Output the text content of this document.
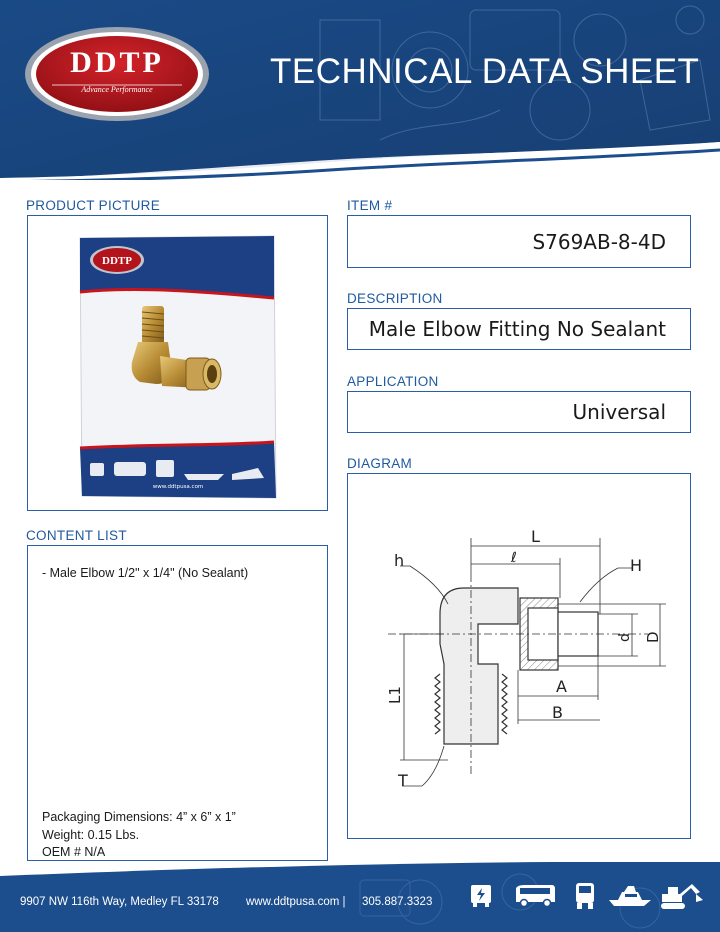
DDTP
Advance Performance	TECHNICAL DATA SHEET
PRODUCT PICTURE
DDTP
www.ddtpusa.com
CONTENT LIST
- Male Elbow 1/2" x 1/4" (No Sealant)
Packaging Dimensions: 4” x 6” x 1”
Weight: 0.15 Lbs.
OEM # N/A
ITEM #
S769AB-8-4D
DESCRIPTION
Male Elbow Fitting No Sealant
APPLICATION
Universal
DIAGRAM
L
ℓ
h	H
d D
A
B
L1
T
9907 NW 116th Way, Medley FL 33178 www.ddtpusa.com | 305.887.3323
